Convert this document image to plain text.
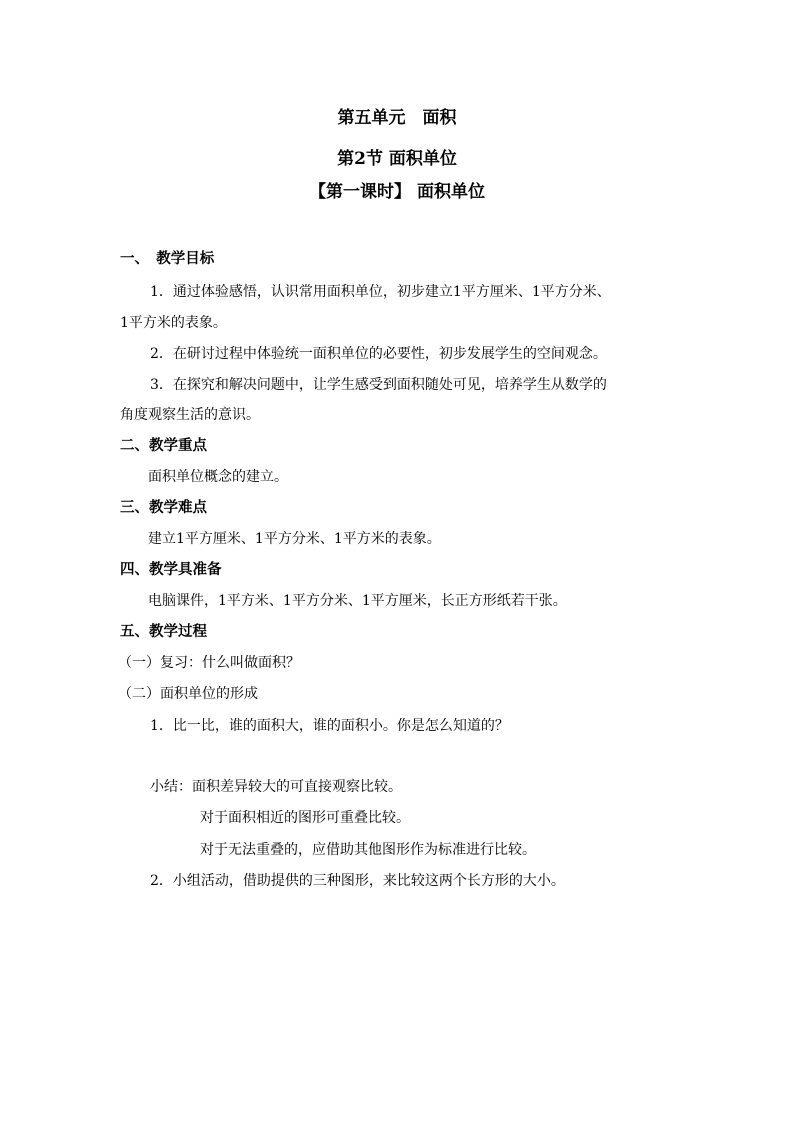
第五单元　面积
第2节 面积单位
【第一课时】 面积单位
一、　教学目标
1．通过体验感悟，认识常用面积单位，初步建立1平方厘米、1平方分米、
1平方米的表象。
2．在研讨过程中体验统一面积单位的必要性，初步发展学生的空间观念。
3．在探究和解决问题中，让学生感受到面积随处可见，培养学生从数学的
角度观察生活的意识。
二、教学重点
面积单位概念的建立。
三、教学难点
建立1平方厘米、1平方分米、1平方米的表象。
四、教学具准备
电脑课件，1平方米、1平方分米、1平方厘米，长正方形纸若干张。
五、教学过程
（一）复习：什么叫做面积？
（二）面积单位的形成
1．比一比，谁的面积大，谁的面积小。你是怎么知道的？
小结：面积差异较大的可直接观察比较。
对于面积相近的图形可重叠比较。
对于无法重叠的，应借助其他图形作为标准进行比较。
2．小组活动，借助提供的三种图形，来比较这两个长方形的大小。
